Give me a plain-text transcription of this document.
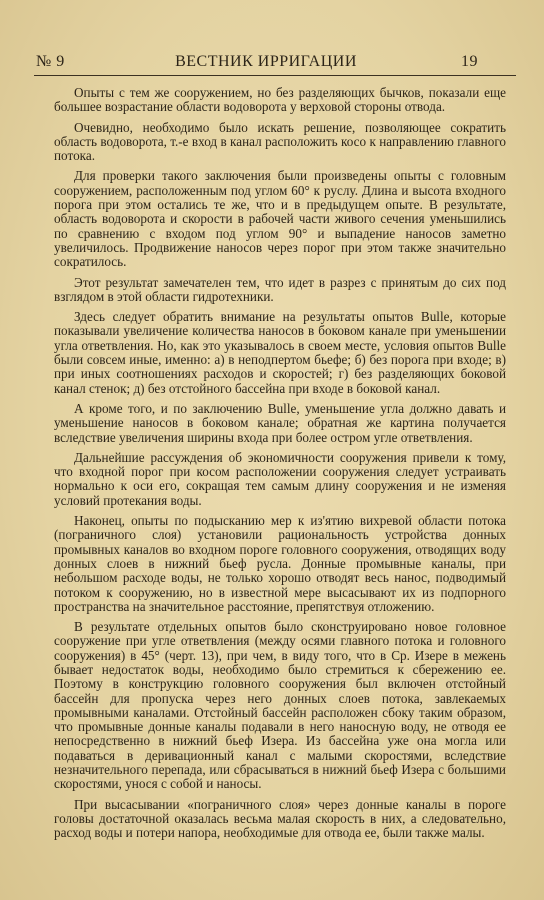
№ 9	ВЕСТНИК ИРРИГАЦИИ	19

Опыты с тем же сооружением, но без разделяющих бычков, показали еще большее возрастание области водоворота у верховой стороны отвода.

Очевидно, необходимо было искать решение, позволяющее сократить область водоворота, т.-е вход в канал расположить косо к направлению главного потока.

Для проверки такого заключения были произведены опыты с головным сооружением, расположенным под углом 60° к руслу. Длина и высота входного порога при этом остались те же, что и в предыдущем опыте. В результате, область водоворота и скорости в рабочей части живого сечения уменьшились по сравнению с входом под углом 90° и выпадение наносов заметно увеличилось. Продвижение наносов через порог при этом также значительно сократилось.

Этот результат замечателен тем, что идет в разрез с принятым до сих под взглядом в этой области гидротехники.

Здесь следует обратить внимание на результаты опытов Bulle, которые показывали увеличение количества наносов в боковом канале при уменьшении угла ответвления. Но, как это указывалось в своем месте, условия опытов Bulle были совсем иные, именно: а) в неподпертом бьефе; б) без порога при входе; в) при иных соотношениях расходов и скоростей; г) без разделяющих боковой канал стенок; д) без отстойного бассейна при входе в боковой канал.

А кроме того, и по заключению Bulle, уменьшение угла должно давать и уменьшение наносов в боковом канале; обратная же картина получается вследствие увеличения ширины входа при более остром угле ответвления.

Дальнейшие рассуждения об экономичности сооружения привели к тому, что входной порог при косом расположении сооружения следует устраивать нормально к оси его, сокращая тем самым длину сооружения и не изменяя условий протекания воды.

Наконец, опыты по подысканию мер к из'ятию вихревой области потока (пограничного слоя) установили рациональность устройства донных промывных каналов во входном пороге головного сооружения, отводящих воду донных слоев в нижний бьеф русла. Донные промывные каналы, при небольшом расходе воды, не только хорошо отводят весь нанос, подводимый потоком к сооружению, но в известной мере высасывают их из подпорного пространства на значительное расстояние, препятствуя отложению.

В результате отдельных опытов было сконструировано новое головное сооружение при угле ответвления (между осями главного потока и головного сооружения) в 45° (черт. 13), при чем, в виду того, что в Ср. Изере в межень бывает недостаток воды, необходимо было стремиться к сбережению ее. Поэтому в конструкцию головного сооружения был включен отстойный бассейн для пропуска через него донных слоев потока, завлекаемых промывными каналами. Отстойный бассейн расположен сбоку таким образом, что промывные донные каналы подавали в него наносную воду, не отводя ее непосредственно в нижний бьеф Изера. Из бассейна уже она могла или подаваться в деривационный канал с малыми скоростями, вследствие незначительного перепада, или сбрасываться в нижний бьеф Изера с большими скоростями, унося с собой и наносы.

При высасывании «пограничного слоя» через донные каналы в пороге головы достаточной оказалась весьма малая скорость в них, а следовательно, расход воды и потери напора, необходимые для отвода ее, были также малы.
